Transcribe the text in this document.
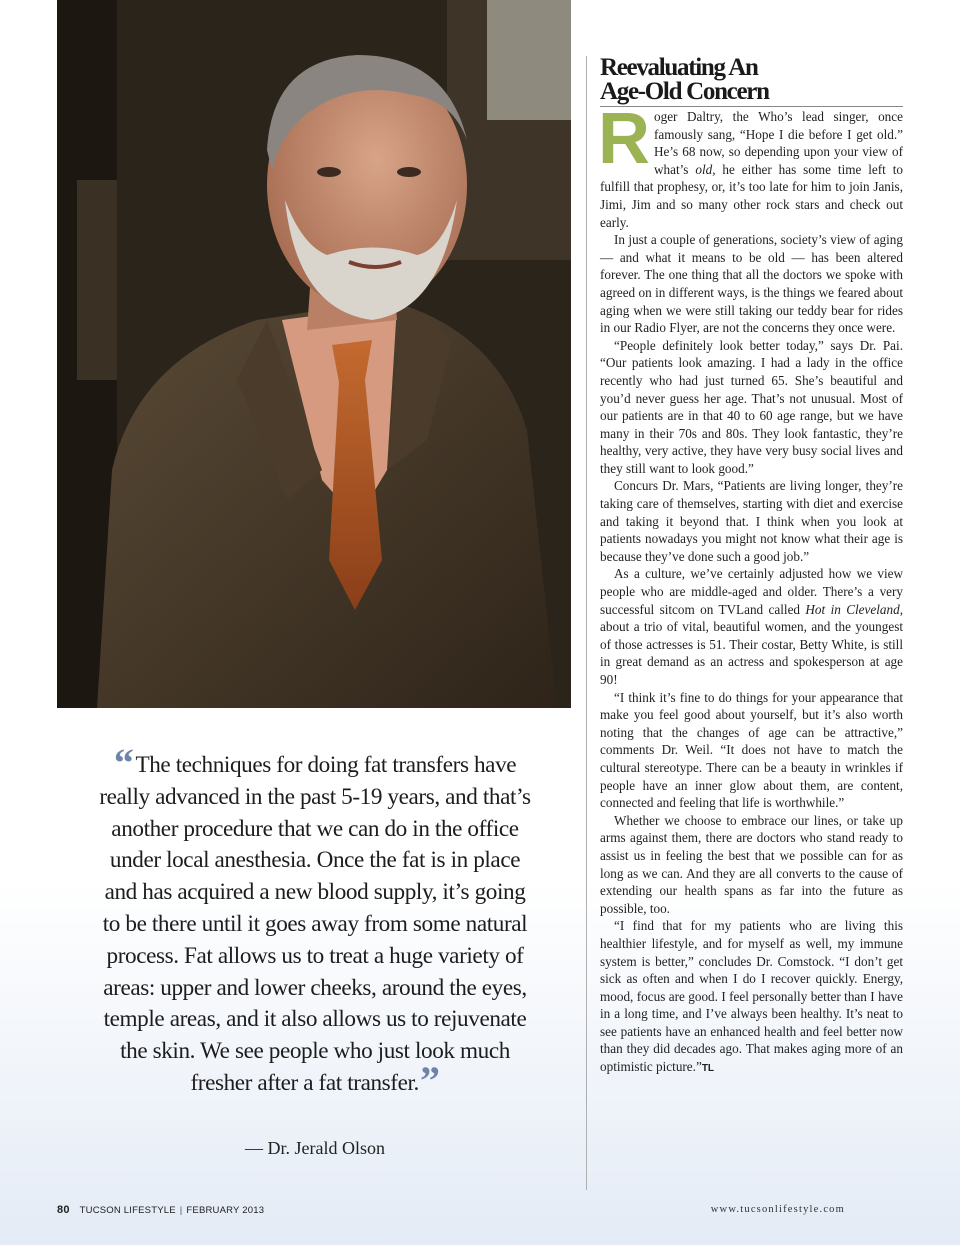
“The techniques for doing fat transfers have really advanced in the past 5-19 years, and that’s another procedure that we can do in the office under local anesthesia. Once the fat is in place and has acquired a new blood supply, it’s going to be there until it goes away from some natural process. Fat allows us to treat a huge variety of areas: upper and lower cheeks, around the eyes, temple areas, and it also allows us to rejuvenate the skin. We see people who just look much fresher after a fat transfer.”
— Dr. Jerald Olson
Reevaluating An
Age-Old Concern

Roger Daltry, the Who’s lead singer, once famously sang, “Hope I die before I get old.” He’s 68 now, so depending upon your view of what’s old, he either has some time left to fulfill that prophesy, or, it’s too late for him to join Janis, Jimi, Jim and so many other rock stars and check out early.

In just a couple of generations, society’s view of aging — and what it means to be old — has been altered forever. The one thing that all the doctors we spoke with agreed on in different ways, is the things we feared about aging when we were still taking our teddy bear for rides in our Radio Flyer, are not the concerns they once were.

“People definitely look better today,” says Dr. Pai. “Our patients look amazing. I had a lady in the office recently who had just turned 65. She’s beautiful and you’d never guess her age. That’s not unusual. Most of our patients are in that 40 to 60 age range, but we have many in their 70s and 80s. They look fantastic, they’re healthy, very active, they have very busy social lives and they still want to look good.”

Concurs Dr. Mars, “Patients are living longer, they’re taking care of themselves, starting with diet and exercise and taking it beyond that. I think when you look at patients nowadays you might not know what their age is because they’ve done such a good job.”

As a culture, we’ve certainly adjusted how we view people who are middle-aged and older. There’s a very successful sitcom on TVLand called Hot in Cleveland, about a trio of vital, beautiful women, and the youngest of those actresses is 51. Their costar, Betty White, is still in great demand as an actress and spokesperson at age 90!

“I think it’s fine to do things for your appearance that make you feel good about yourself, but it’s also worth noting that the changes of age can be attractive,” comments Dr. Weil. “It does not have to match the cultural stereotype. There can be a beauty in wrinkles if people have an inner glow about them, are content, connected and feeling that life is worthwhile.”

Whether we choose to embrace our lines, or take up arms against them, there are doctors who stand ready to assist us in feeling the best that we possible can for as long as we can. And they are all converts to the cause of extending our health spans as far into the future as possible, too.

“I find that for my patients who are living this healthier lifestyle, and for myself as well, my immune system is better,” concludes Dr. Comstock. “I don’t get sick as often and when I do I recover quickly. Energy, mood, focus are good. I feel personally better than I have in a long time, and I’ve always been healthy. It’s neat to see patients have an enhanced health and feel better now than they did decades ago. That makes aging more of an optimistic picture.”TL

80 TUCSON LIFESTYLE | FEBRUARY 2013	www.tucsonlifestyle.com
